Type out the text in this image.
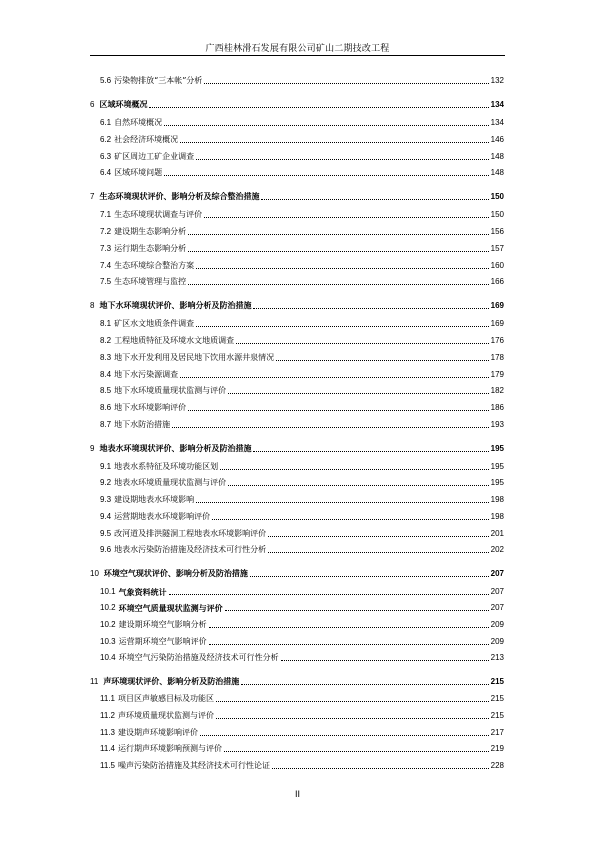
广西桂林滑石发展有限公司矿山二期技改工程
5.6 污染物排放“三本帐”分析	132
6 区域环境概况	134
6.1 自然环境概况	134
6.2 社会经济环境概况	146
6.3 矿区周边工矿企业调查	148
6.4 区域环境问题	148
7 生态环境现状评价、影响分析及综合整治措施	150
7.1 生态环境现状调查与评价	150
7.2 建设期生态影响分析	156
7.3 运行期生态影响分析	157
7.4 生态环境综合整治方案	160
7.5 生态环境管理与监控	166
8 地下水环境现状评价、影响分析及防治措施	169
8.1 矿区水文地质条件调查	169
8.2 工程地质特征及环境水文地质调查	176
8.3 地下水开发利用及居民地下饮用水源井泉情况	178
8.4 地下水污染源调查	179
8.5 地下水环境质量现状监测与评价	182
8.6 地下水环境影响评价	186
8.7 地下水防治措施	193
9 地表水环境现状评价、影响分析及防治措施	195
9.1 地表水系特征及环境功能区划	195
9.2 地表水环境质量现状监测与评价	195
9.3 建设期地表水环境影响	198
9.4 运营期地表水环境影响评价	198
9.5 改河道及排洪隧洞工程地表水环境影响评价	201
9.6 地表水污染防治措施及经济技术可行性分析	202
10 环境空气现状评价、影响分析及防治措施	207
10.1 气象资料统计	207
10.2 环境空气质量现状监测与评价	207
10.2 建设期环境空气影响分析	209
10.3 运营期环境空气影响评价	209
10.4 环境空气污染防治措施及经济技术可行性分析	213
11 声环境现状评价、影响分析及防治措施	215
11.1 项目区声敏感目标及功能区	215
11.2 声环境质量现状监测与评价	215
11.3 建设期声环境影响评价	217
11.4 运行期声环境影响预测与评价	219
11.5 噪声污染防治措施及其经济技术可行性论证	228
II
